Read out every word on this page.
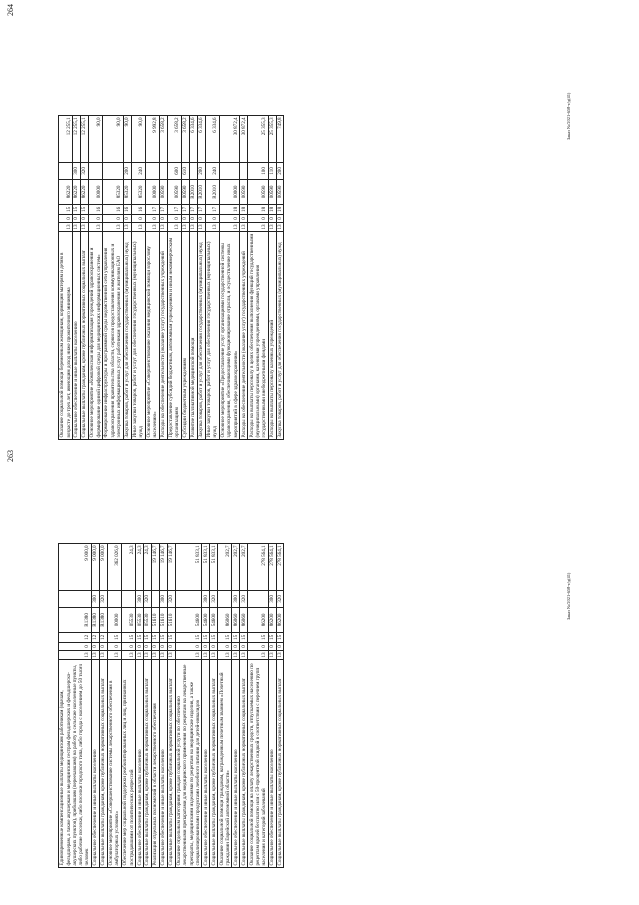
263
Единовременные компенсационные выплаты медицинским работникам (врачам, фельдшерам, а также акушеркам и медицинским сестрам фельдшерских и фельдшерско-акушерских пунктов), прибывшим (переехавшим) на работу в сельские населенные пункты, либо рабочие поселки, либо поселки городского типа, либо города с населением до 50 тысяч человек	13	0	12	R1380		9 000,0
Социальное обеспечение и иные выплаты населению	13	0	12	R1380	300	9 000,0
Социальные выплаты гражданам, кроме публичных нормативных социальных выплат	13	0	12	R1380	320	9 000,0
Основное мероприятие «Совершенствование системы лекарственного обеспечения в амбулаторных условиях»	13	0	15	00000		362 026,0
Обеспечение мер социальной поддержки реабилитированных лиц и лиц, признанных пострадавшими от политических репрессий	13	0	15	05530		24,3
Социальное обеспечение и иные выплаты населению	13	0	15	05530	300	24,3
Социальные выплаты гражданам, кроме публичных нормативных социальных выплат	13	0	15	05530	320	24,3
Реализация отдельных полномочий в области лекарственного обеспечения	13	0	15	51610		19 146,7
Социальное обеспечение и иные выплаты населению	13	0	15	51610	300	19 146,7
Социальные выплаты гражданам, кроме публичных нормативных социальных выплат	13	0	15	51610	320	19 146,7
Оказание отдельным категориям граждан социальной услуги по обеспечению лекарственными препаратами для медицинского применения по рецептам на лекарственные препараты, медицинскими изделиями по рецептам на медицинские изделия, а также специализированными продуктами лечебного питания для детей-инвалидов	13	0	15	54600		51 833,1
Социальное обеспечение и иные выплаты населению	13	0	15	54600	300	51 833,1
Социальные выплаты гражданам, кроме публичных нормативных социальных выплат	13	0	15	54600	320	51 833,1
Оказание социальной помощи гражданам, награжденным почетным званием «Почетный гражданин Еврейской автономной области»	13	0	15	86060		202,7
Социальное обеспечение и иные выплаты населению	13	0	15	86060	300	202,7
Социальные выплаты гражданам, кроме публичных нормативных социальных выплат	13	0	15	86060	320	202,7
Оказание социальной помощи на оплату лекарственных средств, отпускаемых населению по рецептам врачей бесплатно или с 50-процентной скидкой в соответствии с перечнем групп населения и категорий заболеваний	13	0	15	86200		278 564,1
Социальное обеспечение и иные выплаты населению	13	0	15	86200	300	278 564,1
Социальные выплаты гражданам, кроме публичных нормативных социальных выплат	13	0	15	86200	320	278 564,1
Заказ №/2021-658-т/д(41)
264
Оказание социальной помощи беременным женщинам, кормящим матерям и детям в возрасте до трех лет, имеющим доход ниже прожиточного минимума	13	0	15	86220		12 255,1
Социальное обеспечение и иные выплаты населению	13	0	15	86220	300	12 255,1
Социальные выплаты гражданам, кроме публичных нормативных социальных выплат	13	0	15	86220	320	12 255,1
Основное мероприятие «Комплексная информатизация учреждений здравоохранения и формирование единой цифровой среды для медицинских информационных систем»	13	0	16	00000		90,0
Формирование инфраструктуры и программной среды ведомственной сети управления здравоохранения правительства области, сервисов предоставления коммуникационных и электронных информационных услуг работникам здравоохранения и жителям ЕАО	13	0	16	85320		90,0
Закупка товаров, работ и услуг для обеспечения государственных (муниципальных) нужд	13	0	16	85320	200	90,0
Иные закупки товаров, работ и услуг для обеспечения государственных (муниципальных) нужд	13	0	16	85320	240	90,0
Основное мероприятие «Совершенствование оказания медицинской помощи взрослому населению»	13	0	17	00000		9 992,8
Расходы на обеспечение деятельности (оказание услуг) государственных учреждений	13	0	17	00590		3 658,2
Предоставление субсидий бюджетным, автономным учреждениям и иным некоммерческим организациям	13	0	17	00590	600	3 658,2
Субсидии бюджетным учреждениям	13	0	17	00590	610	3 658,2
Развитие паллиативной медицинской помощи	13	0	17	R2010		6 334,6
Закупка товаров, работ и услуг для обеспечения государственных (муниципальных) нужд	13	0	17	R2010	200	6 334,6
Иные закупки товаров, работ и услуг для обеспечения государственных (муниципальных) нужд	13	0	17	R2010	240	6 334,6
Основное мероприятие «Предоставление услуг организациями государственной системы здравоохранения, обеспечивающими функционирование отрасли, и осуществление иных мероприятий в сфере здравоохранения»	13	0	18	00000		30 872,4
Расходы на обеспечение деятельности (оказание услуг) государственных учреждений	13	0	18	00590		30 872,4
Расходы на выплаты персоналу в целях обеспечения выполнения функций государственными (муниципальными) органами, казенными учреждениями, органами управления государственными внебюджетными фондами	13	0	18	00590	100	25 355,3
Расходы на выплаты персоналу казенных учреждений	13	0	18	00590	110	25 355,3
Закупка товаров, работ и услуг для обеспечения государственных (муниципальных) нужд	13	0	18	00590	200	749,8	Заказ №/2021-658-т/д(41)
